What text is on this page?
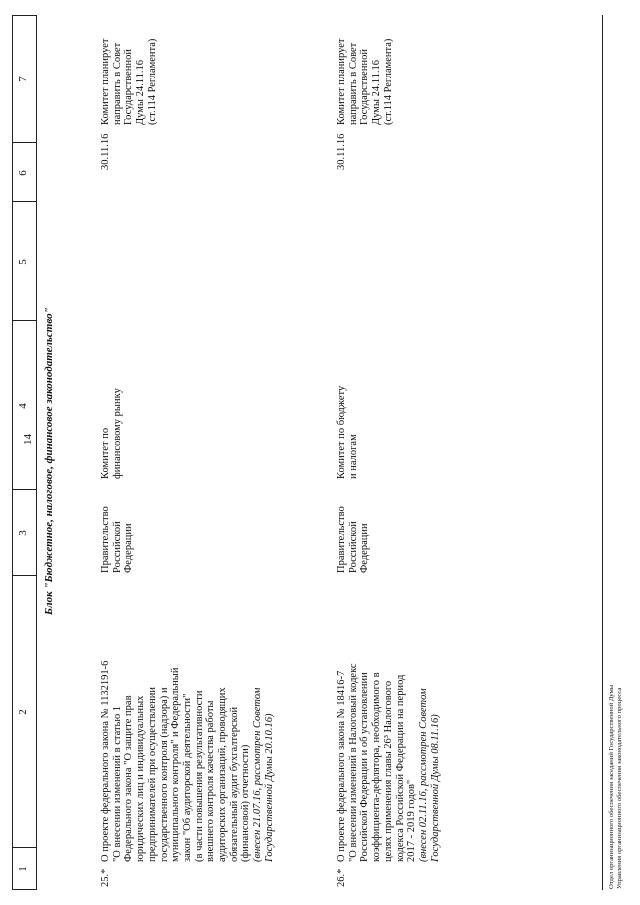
14
1
2
3
4
5
6
7
Блок "Бюджетное, налоговое, финансовое законодательство"
25.*
О проекте федерального закона № 1132191-6 "О внесении изменений в статью 1 Федерального закона "О защите прав юридических лиц и индивидуальных предпринимателей при осуществлении государственного контроля (надзора) и муниципального контроля" и Федеральный закон "Об аудиторской деятельности" (в части повышения результативности внешнего контроля качества работы аудиторских организаций, проводящих обязательный аудит бухгалтерской (финансовой) отчетности) (внесен 21.07.16, рассмотрен Советом Государственной Думы 20.10.16)
Правительство Российской Федерации
Комитет по финансовому рынку
30.11.16
Комитет планирует направить в Совет Государственной Думы 24.11.16 (ст.114 Регламента)
26.*
О проекте федерального закона № 18416-7 "О внесении изменений в Налоговый кодекс Российской Федерации и об установлении коэффициента-дефлятора, необходимого в целях применения главы 26³ Налогового кодекса Российской Федерации на период 2017 - 2019 годов" (внесен 02.11.16, рассмотрен Советом Государственной Думы 08.11.16)
Правительство Российской Федерации
Комитет по бюджету и налогам
30.11.16
Комитет планирует направить в Совет Государственной Думы 24.11.16 (ст.114 Регламента)
Отдел организационного обеспечения заседаний Государственной Думы Управления организационного обеспечения законодательного процесса
